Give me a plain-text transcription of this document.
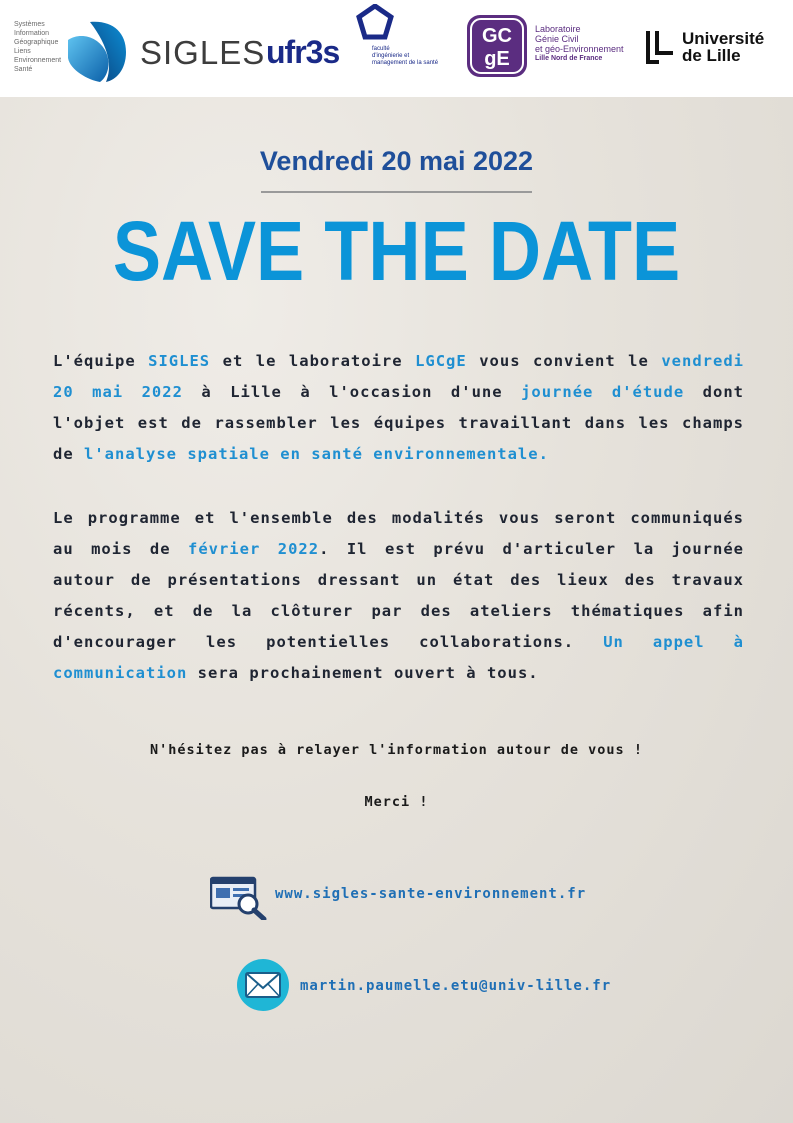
Systèmes
Information
Géographique
Liens
Environnement
Santé	SIGLES ufr3s	faculté
d'ingénierie et
management de la santé
GC
gE
Laboratoire
Génie Civil
et géo-Environnement
Lille Nord de France
Université
de Lille
Vendredi 20 mai 2022
SAVE THE DATE
L'équipe SIGLES et le laboratoire LGCgE vous convient le vendredi 20 mai 2022 à Lille à l'occasion d'une journée d'étude dont l'objet est de rassembler les équipes travaillant dans les champs de l'analyse spatiale en santé environnementale.
Le programme et l'ensemble des modalités vous seront communiqués au mois de février 2022. Il est prévu d'articuler la journée autour de présentations dressant un état des lieux des travaux récents, et de la clôturer par des ateliers thématiques afin d'encourager les potentielles collaborations. Un appel à communication sera prochainement ouvert à tous.
N'hésitez pas à relayer l'information autour de vous !
Merci !
www.sigles-sante-environnement.fr
martin.paumelle.etu@univ-lille.fr
